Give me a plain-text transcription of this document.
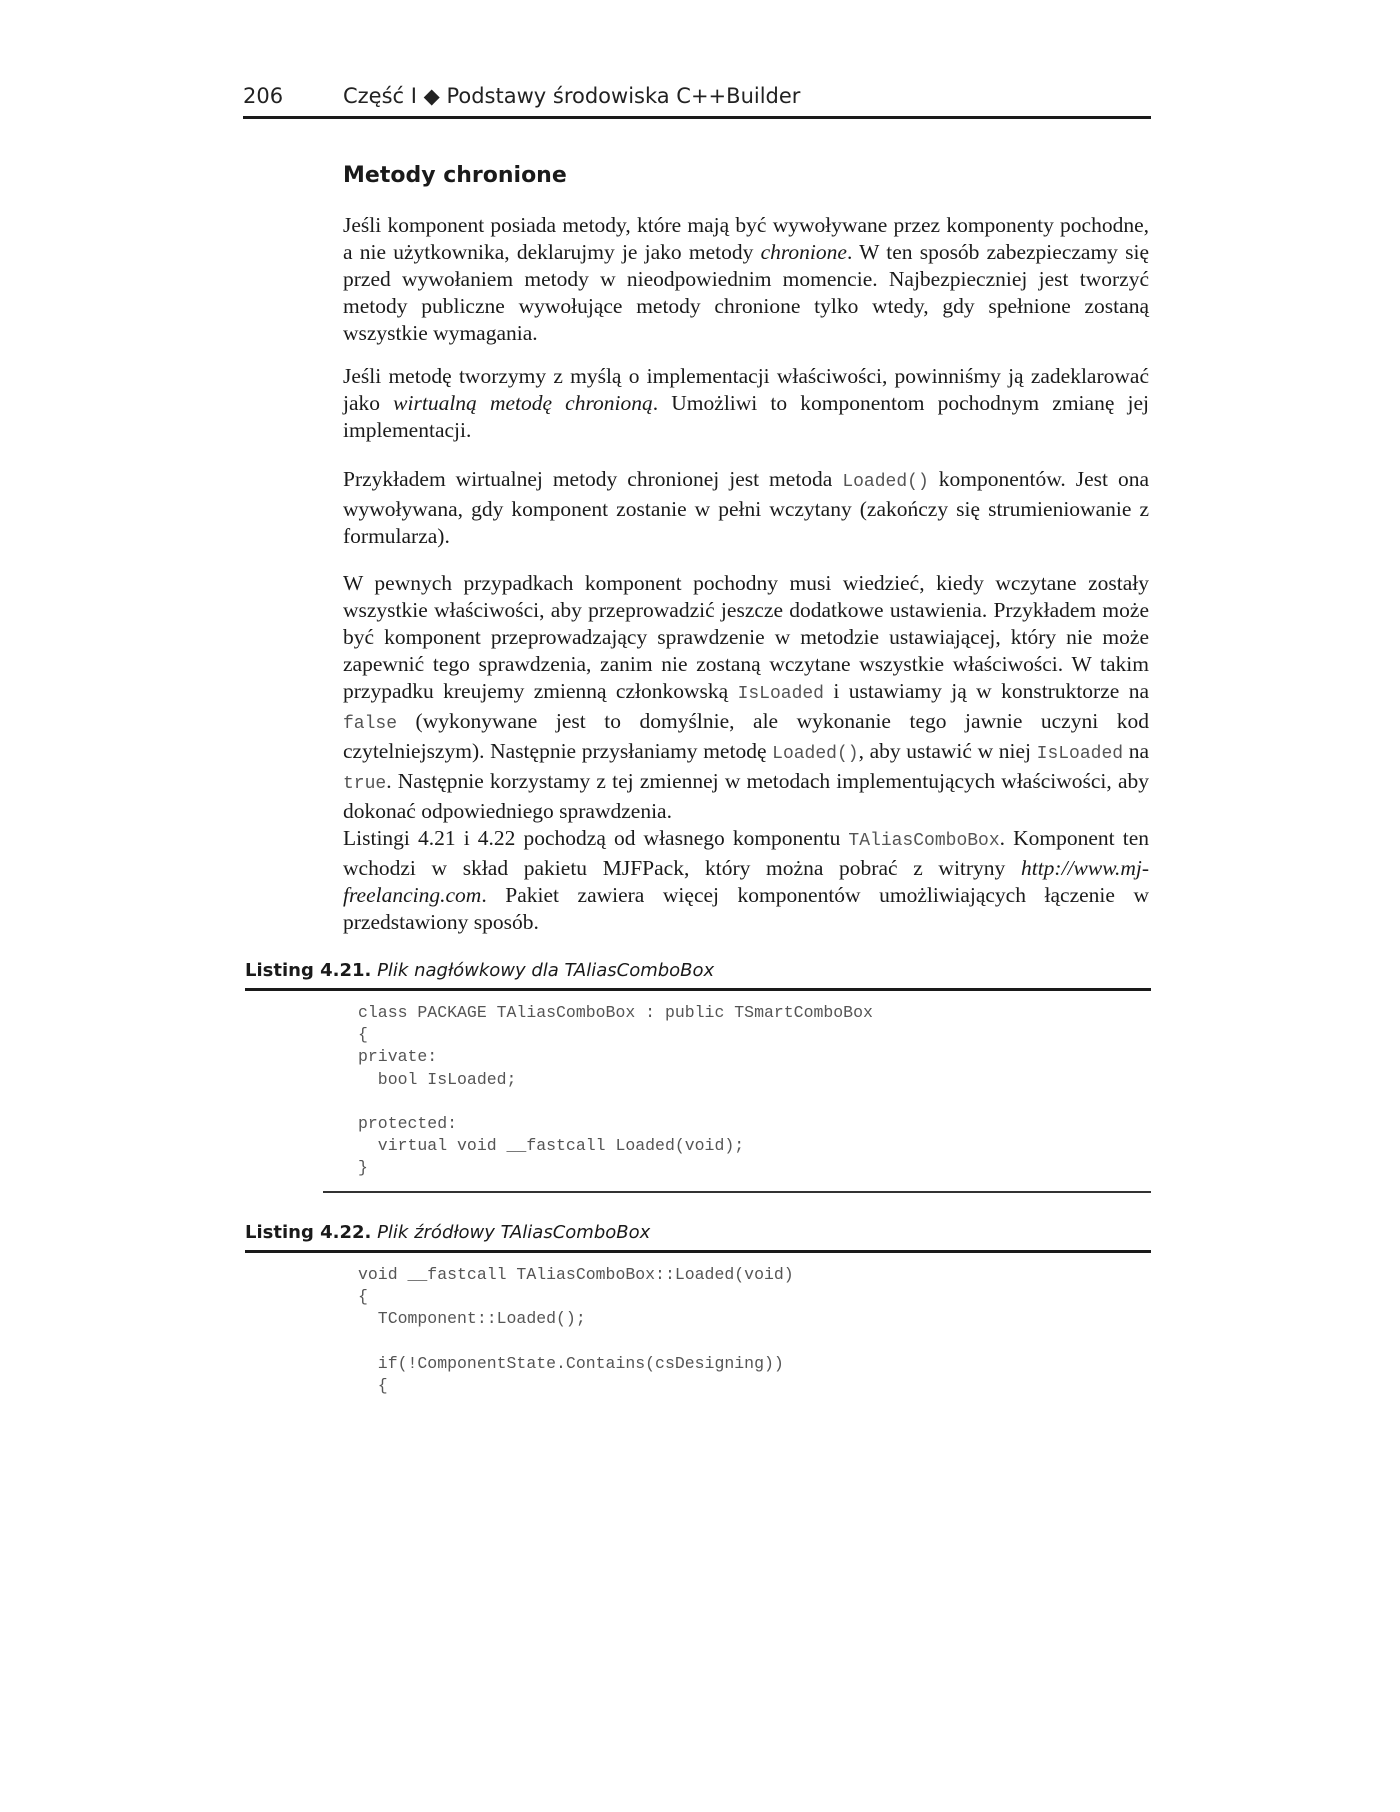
206	Część I ◆ Podstawy środowiska C++Builder
Metody chronione

Jeśli komponent posiada metody, które mają być wywoływane przez komponenty pochodne, a nie użytkownika, deklarujmy je jako metody chronione. W ten sposób zabezpieczamy się przed wywołaniem metody w nieodpowiednim momencie. Najbezpieczniej jest tworzyć metody publiczne wywołujące metody chronione tylko wtedy, gdy spełnione zostaną wszystkie wymagania.

Jeśli metodę tworzymy z myślą o implementacji właściwości, powinniśmy ją zadeklarować jako wirtualną metodę chronioną. Umożliwi to komponentom pochodnym zmianę jej implementacji.

Przykładem wirtualnej metody chronionej jest metoda Loaded() komponentów. Jest ona wywoływana, gdy komponent zostanie w pełni wczytany (zakończy się strumieniowanie z formularza).

W pewnych przypadkach komponent pochodny musi wiedzieć, kiedy wczytane zostały wszystkie właściwości, aby przeprowadzić jeszcze dodatkowe ustawienia. Przykładem może być komponent przeprowadzający sprawdzenie w metodzie ustawiającej, który nie może zapewnić tego sprawdzenia, zanim nie zostaną wczytane wszystkie właściwości. W takim przypadku kreujemy zmienną członkowską IsLoaded i ustawiamy ją w konstruktorze na false (wykonywane jest to domyślnie, ale wykonanie tego jawnie uczyni kod czytelniejszym). Następnie przysłaniamy metodę Loaded(), aby ustawić w niej IsLoaded na true. Następnie korzystamy z tej zmiennej w metodach implementujących właściwości, aby dokonać odpowiedniego sprawdzenia.

Listingi 4.21 i 4.22 pochodzą od własnego komponentu TAliasComboBox. Komponent ten wchodzi w skład pakietu MJFPack, który można pobrać z witryny http://www.mj-freelancing.com. Pakiet zawiera więcej komponentów umożliwiających łączenie w przedstawiony sposób.

Listing 4.21. Plik nagłówkowy dla TAliasComboBox
class PACKAGE TAliasComboBox : public TSmartComboBox
{
private:
bool IsLoaded;

protected:
virtual void __fastcall Loaded(void);
}
Listing 4.22. Plik źródłowy TAliasComboBox
void __fastcall TAliasComboBox::Loaded(void)
{
TComponent::Loaded();

if(!ComponentState.Contains(csDesigning))
{
